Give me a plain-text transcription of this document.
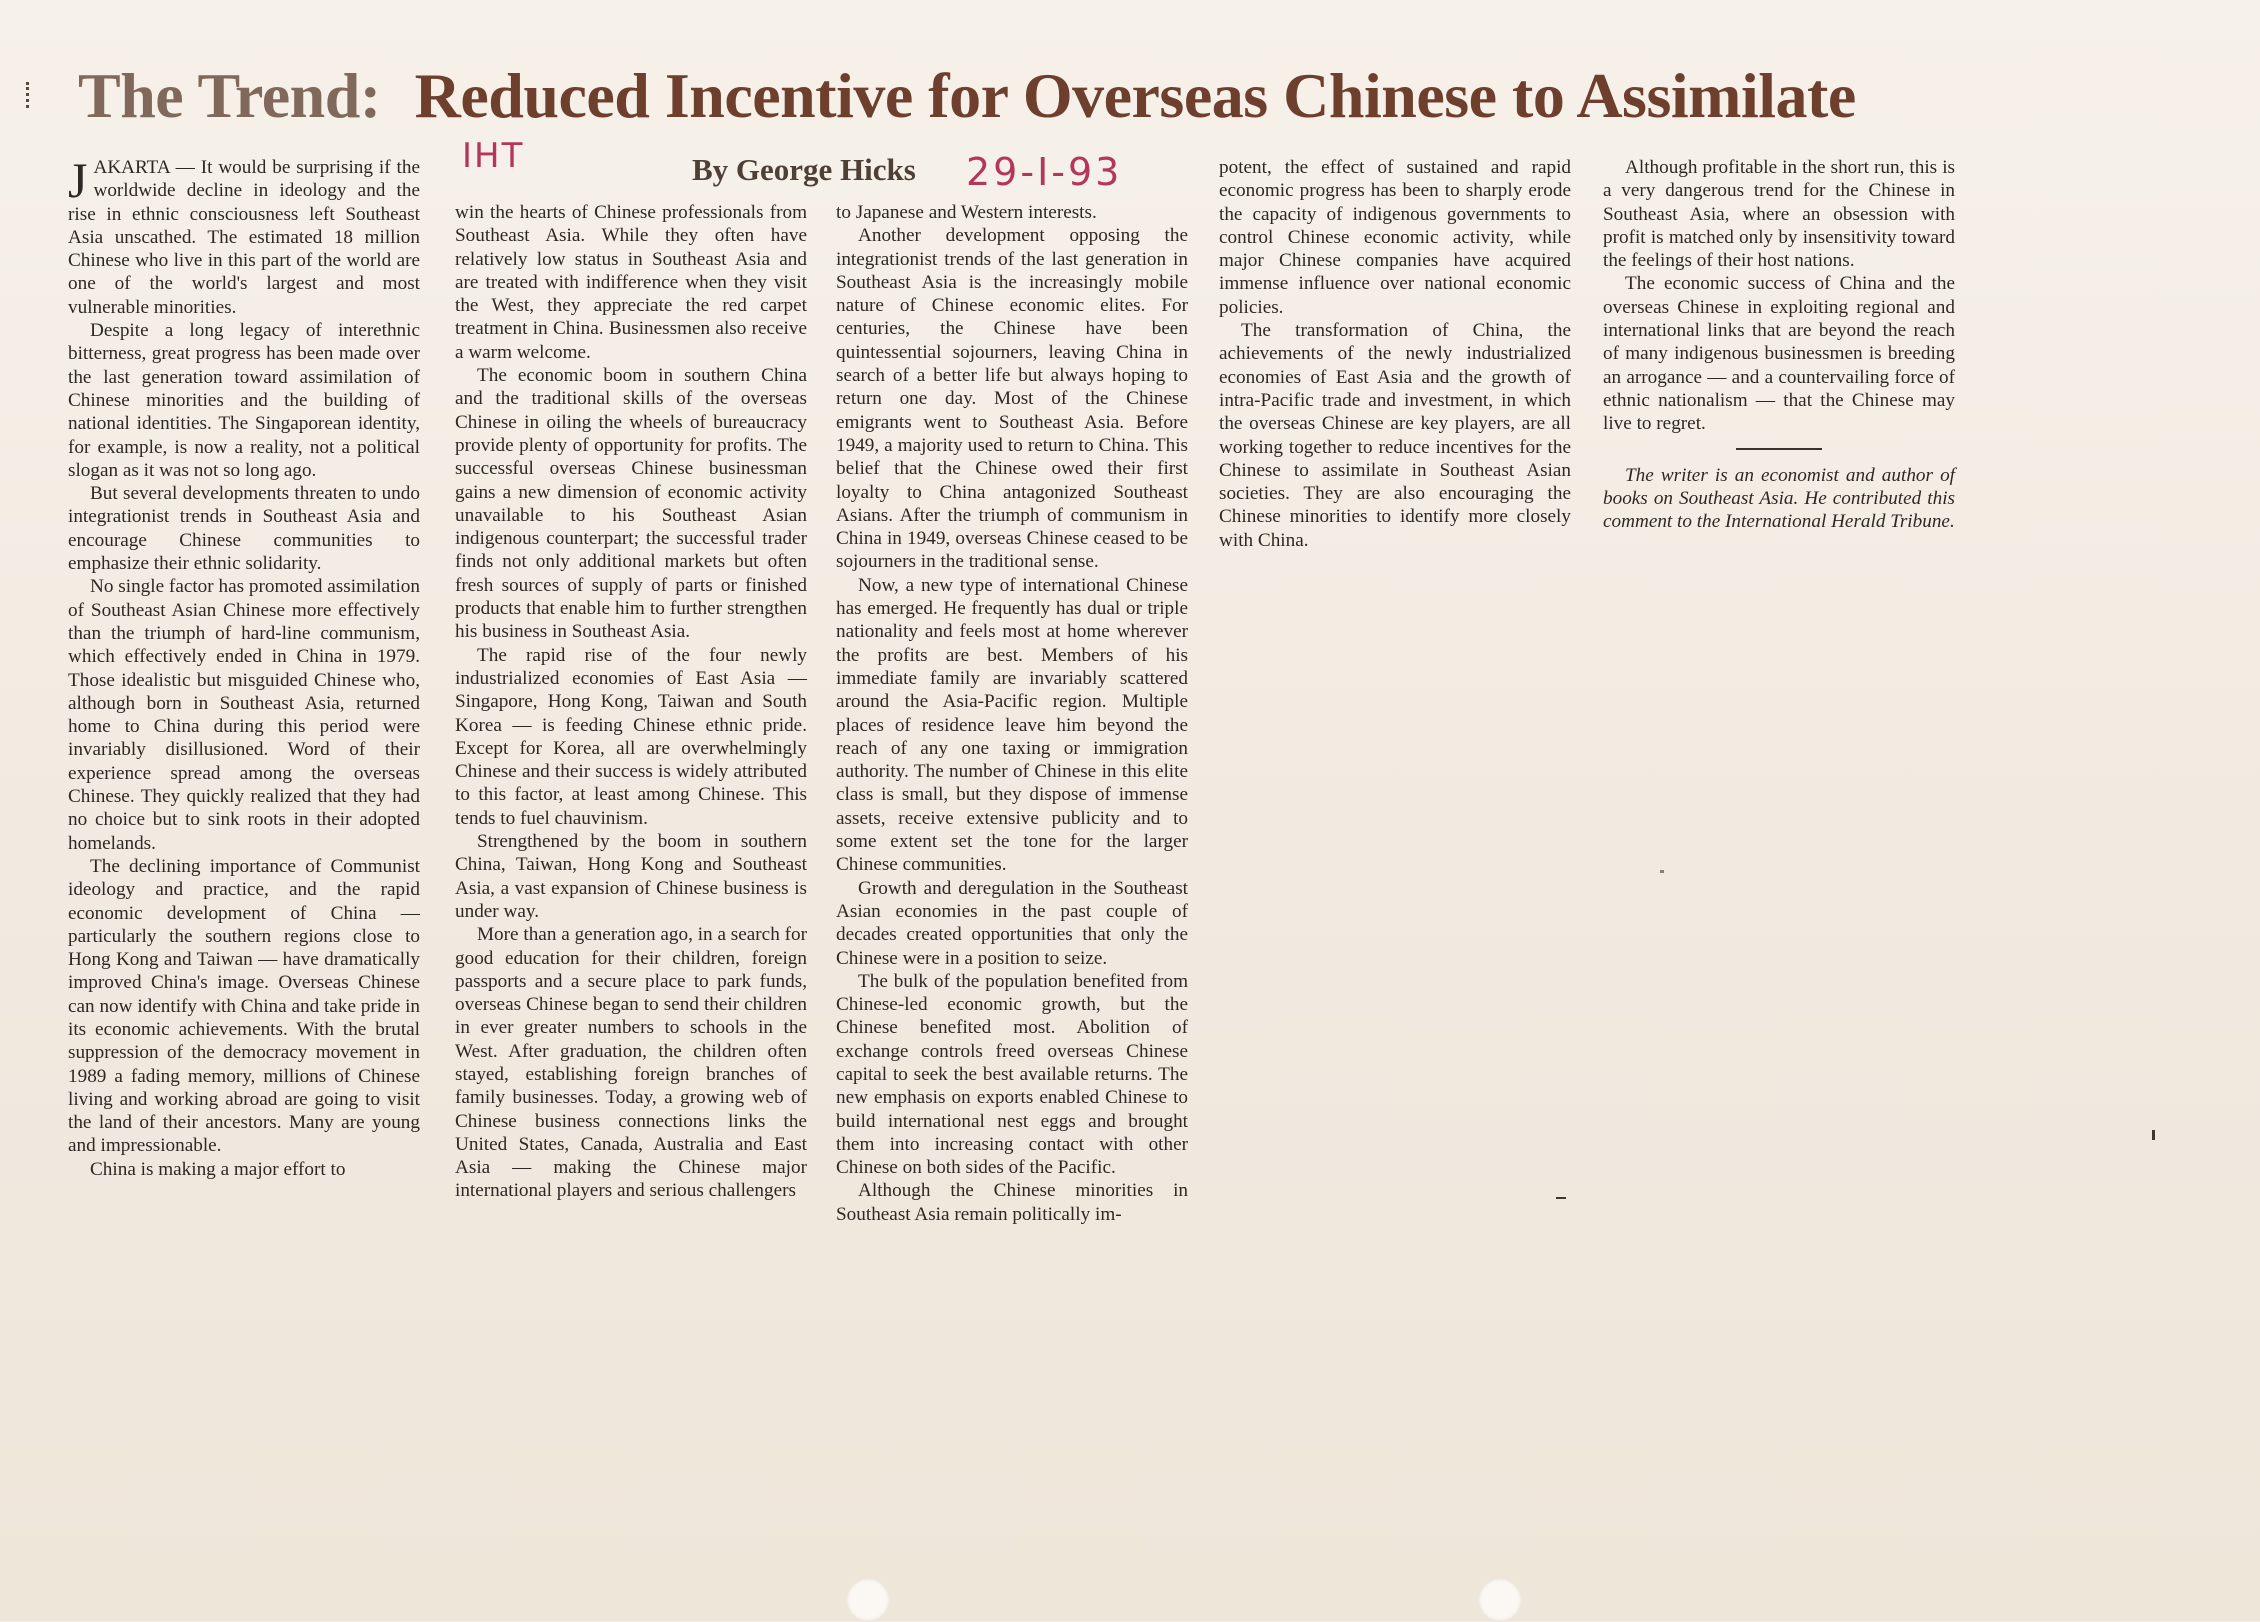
The Trend: Reduced Incentive for Overseas Chinese to Assimilate
IHT	By George Hicks 29-I-93

JAKARTA — It would be surprising if the worldwide decline in ideology and the rise in ethnic consciousness left Southeast Asia unscathed. The estimated 18 million Chinese who live in this part of the world are one of the world's largest and most vulnerable minorities.

Despite a long legacy of interethnic bitterness, great progress has been made over the last generation toward assimilation of Chinese minorities and the building of national identities. The Singaporean identity, for example, is now a reality, not a political slogan as it was not so long ago.

But several developments threaten to undo integrationist trends in Southeast Asia and encourage Chinese communities to emphasize their ethnic solidarity.

No single factor has promoted assimilation of Southeast Asian Chinese more effectively than the triumph of hard-line communism, which effectively ended in China in 1979. Those idealistic but misguided Chinese who, although born in Southeast Asia, returned home to China during this period were invariably disillusioned. Word of their experience spread among the overseas Chinese. They quickly realized that they had no choice but to sink roots in their adopted homelands.

The declining importance of Communist ideology and practice, and the rapid economic development of China — particularly the southern regions close to Hong Kong and Taiwan — have dramatically improved China's image. Overseas Chinese can now identify with China and take pride in its economic achievements. With the brutal suppression of the democracy movement in 1989 a fading memory, millions of Chinese living and working abroad are going to visit the land of their ancestors. Many are young and impressionable.

China is making a major effort to

win the hearts of Chinese professionals from Southeast Asia. While they often have relatively low status in Southeast Asia and are treated with indifference when they visit the West, they appreciate the red carpet treatment in China. Businessmen also receive a warm welcome.

The economic boom in southern China and the traditional skills of the overseas Chinese in oiling the wheels of bureaucracy provide plenty of opportunity for profits. The successful overseas Chinese businessman gains a new dimension of economic activity unavailable to his Southeast Asian indigenous counterpart; the successful trader finds not only additional markets but often fresh sources of supply of parts or finished products that enable him to further strengthen his business in Southeast Asia.

The rapid rise of the four newly industrialized economies of East Asia — Singapore, Hong Kong, Taiwan and South Korea — is feeding Chinese ethnic pride. Except for Korea, all are overwhelmingly Chinese and their success is widely attributed to this factor, at least among Chinese. This tends to fuel chauvinism.

Strengthened by the boom in southern China, Taiwan, Hong Kong and Southeast Asia, a vast expansion of Chinese business is under way.

More than a generation ago, in a search for good education for their children, foreign passports and a secure place to park funds, overseas Chinese began to send their children in ever greater numbers to schools in the West. After graduation, the children often stayed, establishing foreign branches of family businesses. Today, a growing web of Chinese business connections links the United States, Canada, Australia and East Asia — making the Chinese major international players and serious challengers

to Japanese and Western interests.

Another development opposing the integrationist trends of the last generation in Southeast Asia is the increasingly mobile nature of Chinese economic elites. For centuries, the Chinese have been quintessential sojourners, leaving China in search of a better life but always hoping to return one day. Most of the Chinese emigrants went to Southeast Asia. Before 1949, a majority used to return to China. This belief that the Chinese owed their first loyalty to China antagonized Southeast Asians. After the triumph of communism in China in 1949, overseas Chinese ceased to be sojourners in the traditional sense.

Now, a new type of international Chinese has emerged. He frequently has dual or triple nationality and feels most at home wherever the profits are best. Members of his immediate family are invariably scattered around the Asia-Pacific region. Multiple places of residence leave him beyond the reach of any one taxing or immigration authority. The number of Chinese in this elite class is small, but they dispose of immense assets, receive extensive publicity and to some extent set the tone for the larger Chinese communities.

Growth and deregulation in the Southeast Asian economies in the past couple of decades created opportunities that only the Chinese were in a position to seize.

The bulk of the population benefited from Chinese-led economic growth, but the Chinese benefited most. Abolition of exchange controls freed overseas Chinese capital to seek the best available returns. The new emphasis on exports enabled Chinese to build international nest eggs and brought them into increasing contact with other Chinese on both sides of the Pacific.

Although the Chinese minorities in Southeast Asia remain politically im-

potent, the effect of sustained and rapid economic progress has been to sharply erode the capacity of indigenous governments to control Chinese economic activity, while major Chinese companies have acquired immense influence over national economic policies.

The transformation of China, the achievements of the newly industrialized economies of East Asia and the growth of intra-Pacific trade and investment, in which the overseas Chinese are key players, are all working together to reduce incentives for the Chinese to assimilate in Southeast Asian societies. They are also encouraging the Chinese minorities to identify more closely with China.

Although profitable in the short run, this is a very dangerous trend for the Chinese in Southeast Asia, where an obsession with profit is matched only by insensitivity toward the feelings of their host nations.

The economic success of China and the overseas Chinese in exploiting regional and international links that are beyond the reach of many indigenous businessmen is breeding an arrogance — and a countervailing force of ethnic nationalism — that the Chinese may live to regret.

The writer is an economist and author of books on Southeast Asia. He contributed this comment to the International Herald Tribune.
